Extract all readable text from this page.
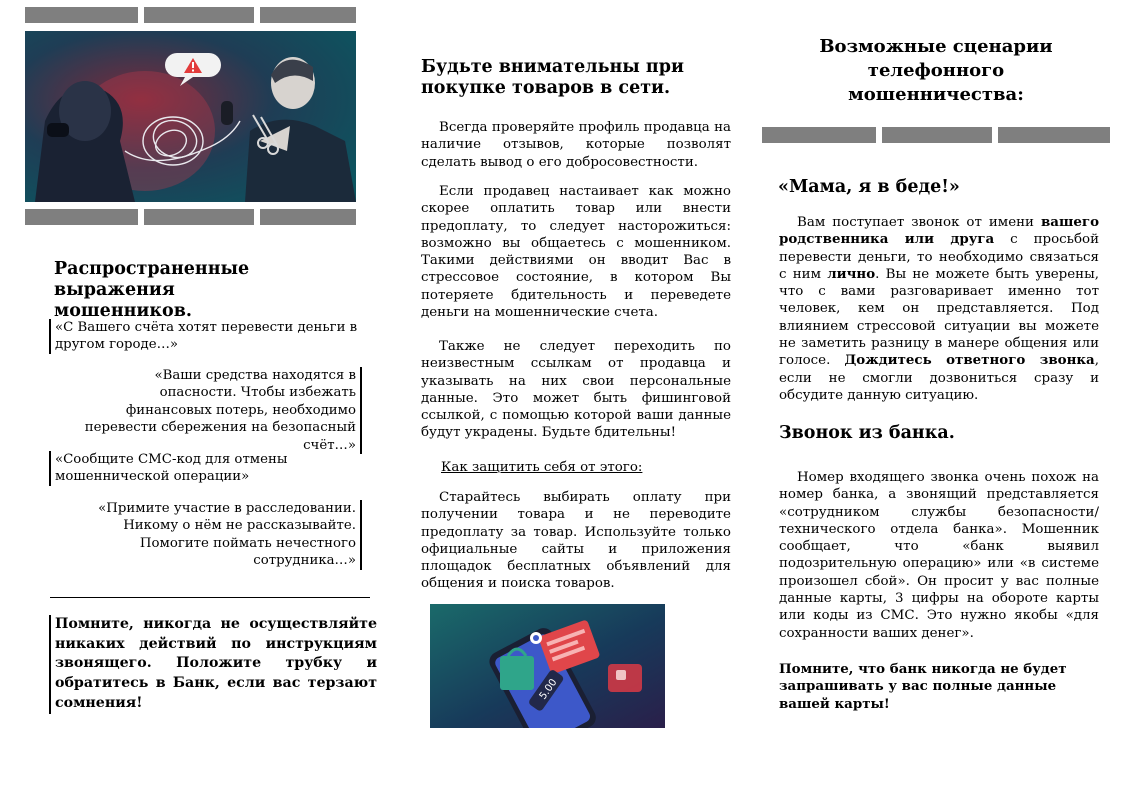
Распространенные выражения мошенников.
«С Вашего счёта хотят перевести деньги в другом городе…»
«Ваши средства находятся в опасности. Чтобы избежать финансовых потерь, необходимо перевести сбережения на безопасный счёт…»
«Сообщите СМС-код для отмены мошеннической операции»
«Примите участие в расследовании. Никому о нём не рассказывайте. Помогите поймать нечестного сотрудника…»
Помните, никогда не осуществляйте никаких действий по инструкциям звонящего. Положите трубку и обратитесь в Банк, если вас терзают сомнения!
Будьте внимательны при покупке товаров в сети.

Всегда проверяйте профиль продавца на наличие отзывов, которые позволят сделать вывод о его добросовестности.

Если продавец настаивает как можно скорее оплатить товар или внести предоплату, то следует насторожиться: возможно вы общаетесь с мошенником. Такими действиями он вводит Вас в стрессовое состояние, в котором Вы потеряете бдительность и переведете деньги на мошеннические счета.

Также не следует переходить по неизвестным ссылкам от продавца и указывать на них свои персональные данные. Это может быть фишинговой ссылкой, с помощью которой ваши данные будут украдены. Будьте бдительны!

Как защитить себя от этого:

Старайтесь выбирать оплату при получении товара и не переводите предоплату за товар. Используйте только официальные сайты и приложения площадок бесплатных объявлений для общения и поиска товаров.

5.00
Возможные сценарии телефонного мошенничества:
«Мама, я в беде!»

Вам поступает звонок от имени вашего родственника или друга с просьбой перевести деньги, то необходимо связаться с ним лично. Вы не можете быть уверены, что с вами разговаривает именно тот человек, кем он представляется. Под влиянием стрессовой ситуации вы можете не заметить разницу в манере общения или голосе. Дождитесь ответного звонка, если не смогли дозвониться сразу и обсудите данную ситуацию.

Звонок из банка.

Номер входящего звонка очень похож на номер банка, а звонящий представляется «сотрудником службы безопасности/ технического отдела банка». Мошенник сообщает, что «банк выявил подозрительную операцию» или «в системе произошел сбой». Он просит у вас полные данные карты, 3 цифры на обороте карты или коды из СМС. Это нужно якобы «для сохранности ваших денег».

Помните, что банк никогда не будет запрашивать у вас полные данные вашей карты!
